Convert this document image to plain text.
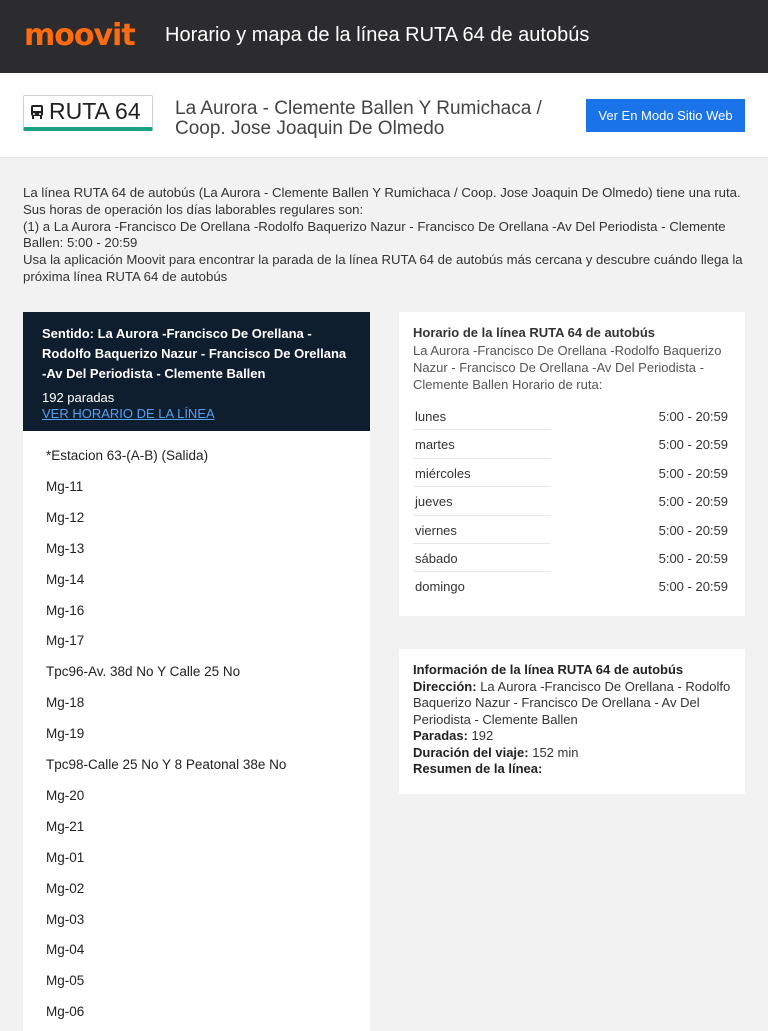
moovit Horario y mapa de la línea RUTA 64 de autobús
RUTA 64 La Aurora - Clemente Ballen Y Rumichaca / Coop. Jose Joaquin De Olmedo
Ver En Modo Sitio Web

La línea RUTA 64 de autobús (La Aurora - Clemente Ballen Y Rumichaca / Coop. Jose Joaquin De Olmedo) tiene una ruta. Sus horas de operación los días laborables regulares son:

(1) a La Aurora -Francisco De Orellana -Rodolfo Baquerizo Nazur - Francisco De Orellana -Av Del Periodista - Clemente Ballen: 5:00 - 20:59

Usa la aplicación Moovit para encontrar la parada de la línea RUTA 64 de autobús más cercana y descubre cuándo llega la próxima línea RUTA 64 de autobús

Sentido: La Aurora -Francisco De Orellana - Rodolfo Baquerizo Nazur - Francisco De Orellana -Av Del Periodista - Clemente Ballen
192 paradas
VER HORARIO DE LA LÍNEA
*Estacion 63-(A-B) (Salida)
Mg-11
Mg-12
Mg-13
Mg-14
Mg-16
Mg-17
Tpc96-Av. 38d No Y Calle 25 No
Mg-18
Mg-19
Tpc98-Calle 25 No Y 8 Peatonal 38e No
Mg-20
Mg-21
Mg-01
Mg-02
Mg-03
Mg-04
Mg-05
Mg-06
Horario de la línea RUTA 64 de autobús
La Aurora -Francisco De Orellana -Rodolfo Baquerizo Nazur - Francisco De Orellana -Av Del Periodista - Clemente Ballen Horario de ruta:
lunes	5:00 - 20:59
martes	5:00 - 20:59
miércoles	5:00 - 20:59
jueves	5:00 - 20:59
viernes	5:00 - 20:59
sábado	5:00 - 20:59
domingo	5:00 - 20:59
Información de la línea RUTA 64 de autobús
Dirección: La Aurora -Francisco De Orellana - Rodolfo Baquerizo Nazur - Francisco De Orellana - Av Del Periodista - Clemente Ballen
Paradas: 192
Duración del viaje: 152 min
Resumen de la línea:
